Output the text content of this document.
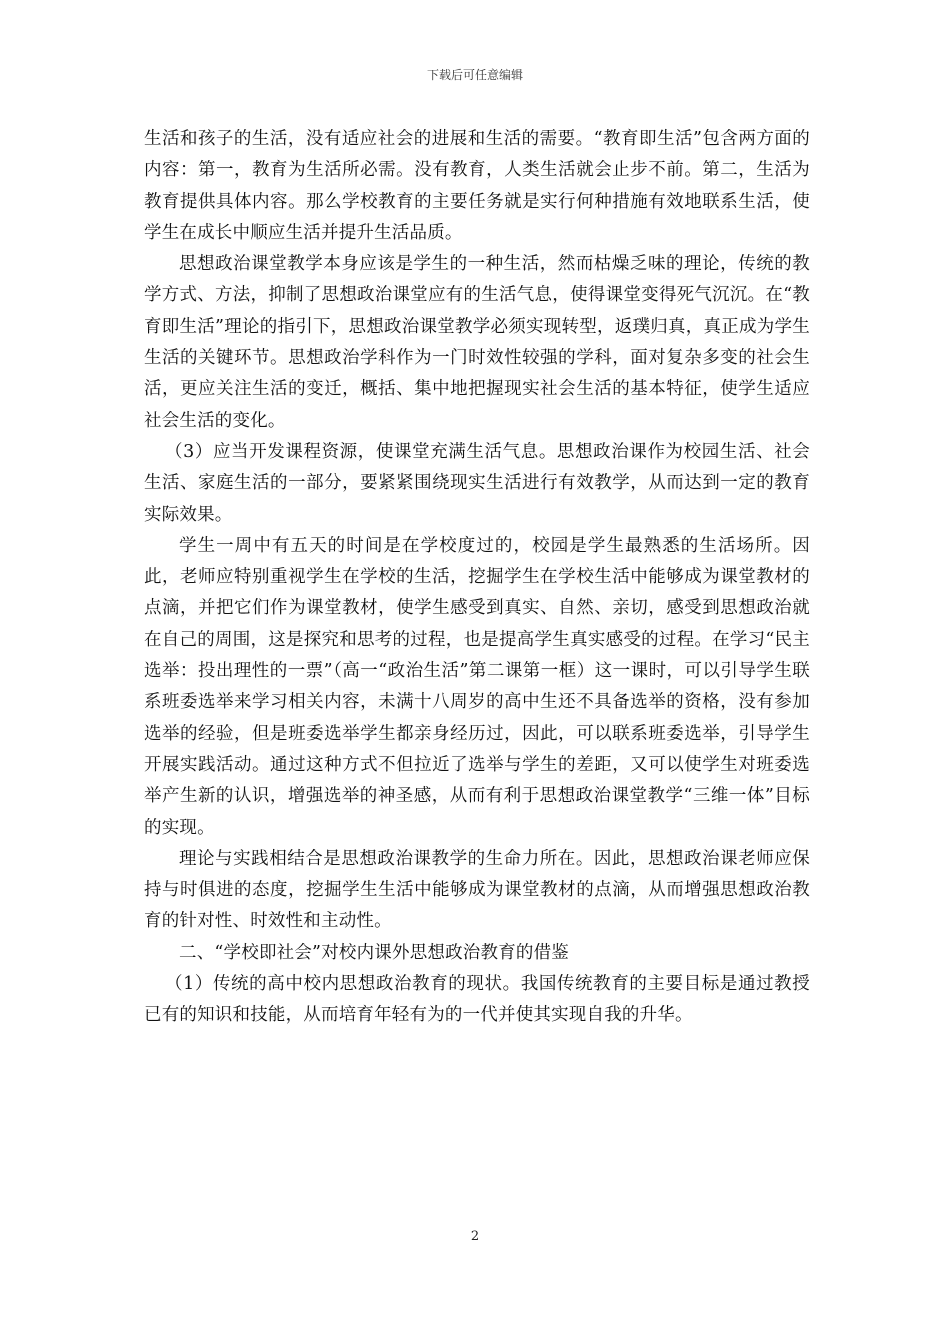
下载后可任意编辑

生活和孩子的生活，没有适应社会的进展和生活的需要。“教育即生活”包含两方面的内容：第一，教育为生活所必需。没有教育，人类生活就会止步不前。第二，生活为教育提供具体内容。那么学校教育的主要任务就是实行何种措施有效地联系生活，使学生在成长中顺应生活并提升生活品质。

思想政治课堂教学本身应该是学生的一种生活，然而枯燥乏味的理论，传统的教学方式、方法，抑制了思想政治课堂应有的生活气息，使得课堂变得死气沉沉。在“教育即生活”理论的指引下，思想政治课堂教学必须实现转型，返璞归真，真正成为学生生活的关键环节。思想政治学科作为一门时效性较强的学科，面对复杂多变的社会生活，更应关注生活的变迁，概括、集中地把握现实社会生活的基本特征，使学生适应社会生活的变化。

（3）应当开发课程资源，使课堂充满生活气息。思想政治课作为校园生活、社会生活、家庭生活的一部分，要紧紧围绕现实生活进行有效教学，从而达到一定的教育实际效果。

学生一周中有五天的时间是在学校度过的，校园是学生最熟悉的生活场所。因此，老师应特别重视学生在学校的生活，挖掘学生在学校生活中能够成为课堂教材的点滴，并把它们作为课堂教材，使学生感受到真实、自然、亲切，感受到思想政治就在自己的周围，这是探究和思考的过程，也是提高学生真实感受的过程。在学习“民主选举：投出理性的一票”（高一“政治生活”第二课第一框）这一课时，可以引导学生联系班委选举来学习相关内容，未满十八周岁的高中生还不具备选举的资格，没有参加选举的经验，但是班委选举学生都亲身经历过，因此，可以联系班委选举，引导学生开展实践活动。通过这种方式不但拉近了选举与学生的差距，又可以使学生对班委选举产生新的认识，增强选举的神圣感，从而有利于思想政治课堂教学“三维一体”目标的实现。

理论与实践相结合是思想政治课教学的生命力所在。因此，思想政治课老师应保持与时俱进的态度，挖掘学生生活中能够成为课堂教材的点滴，从而增强思想政治教育的针对性、时效性和主动性。

二、“学校即社会”对校内课外思想政治教育的借鉴

（1）传统的高中校内思想政治教育的现状。我国传统教育的主要目标是通过教授已有的知识和技能，从而培育年轻有为的一代并使其实现自我的升华。

2
